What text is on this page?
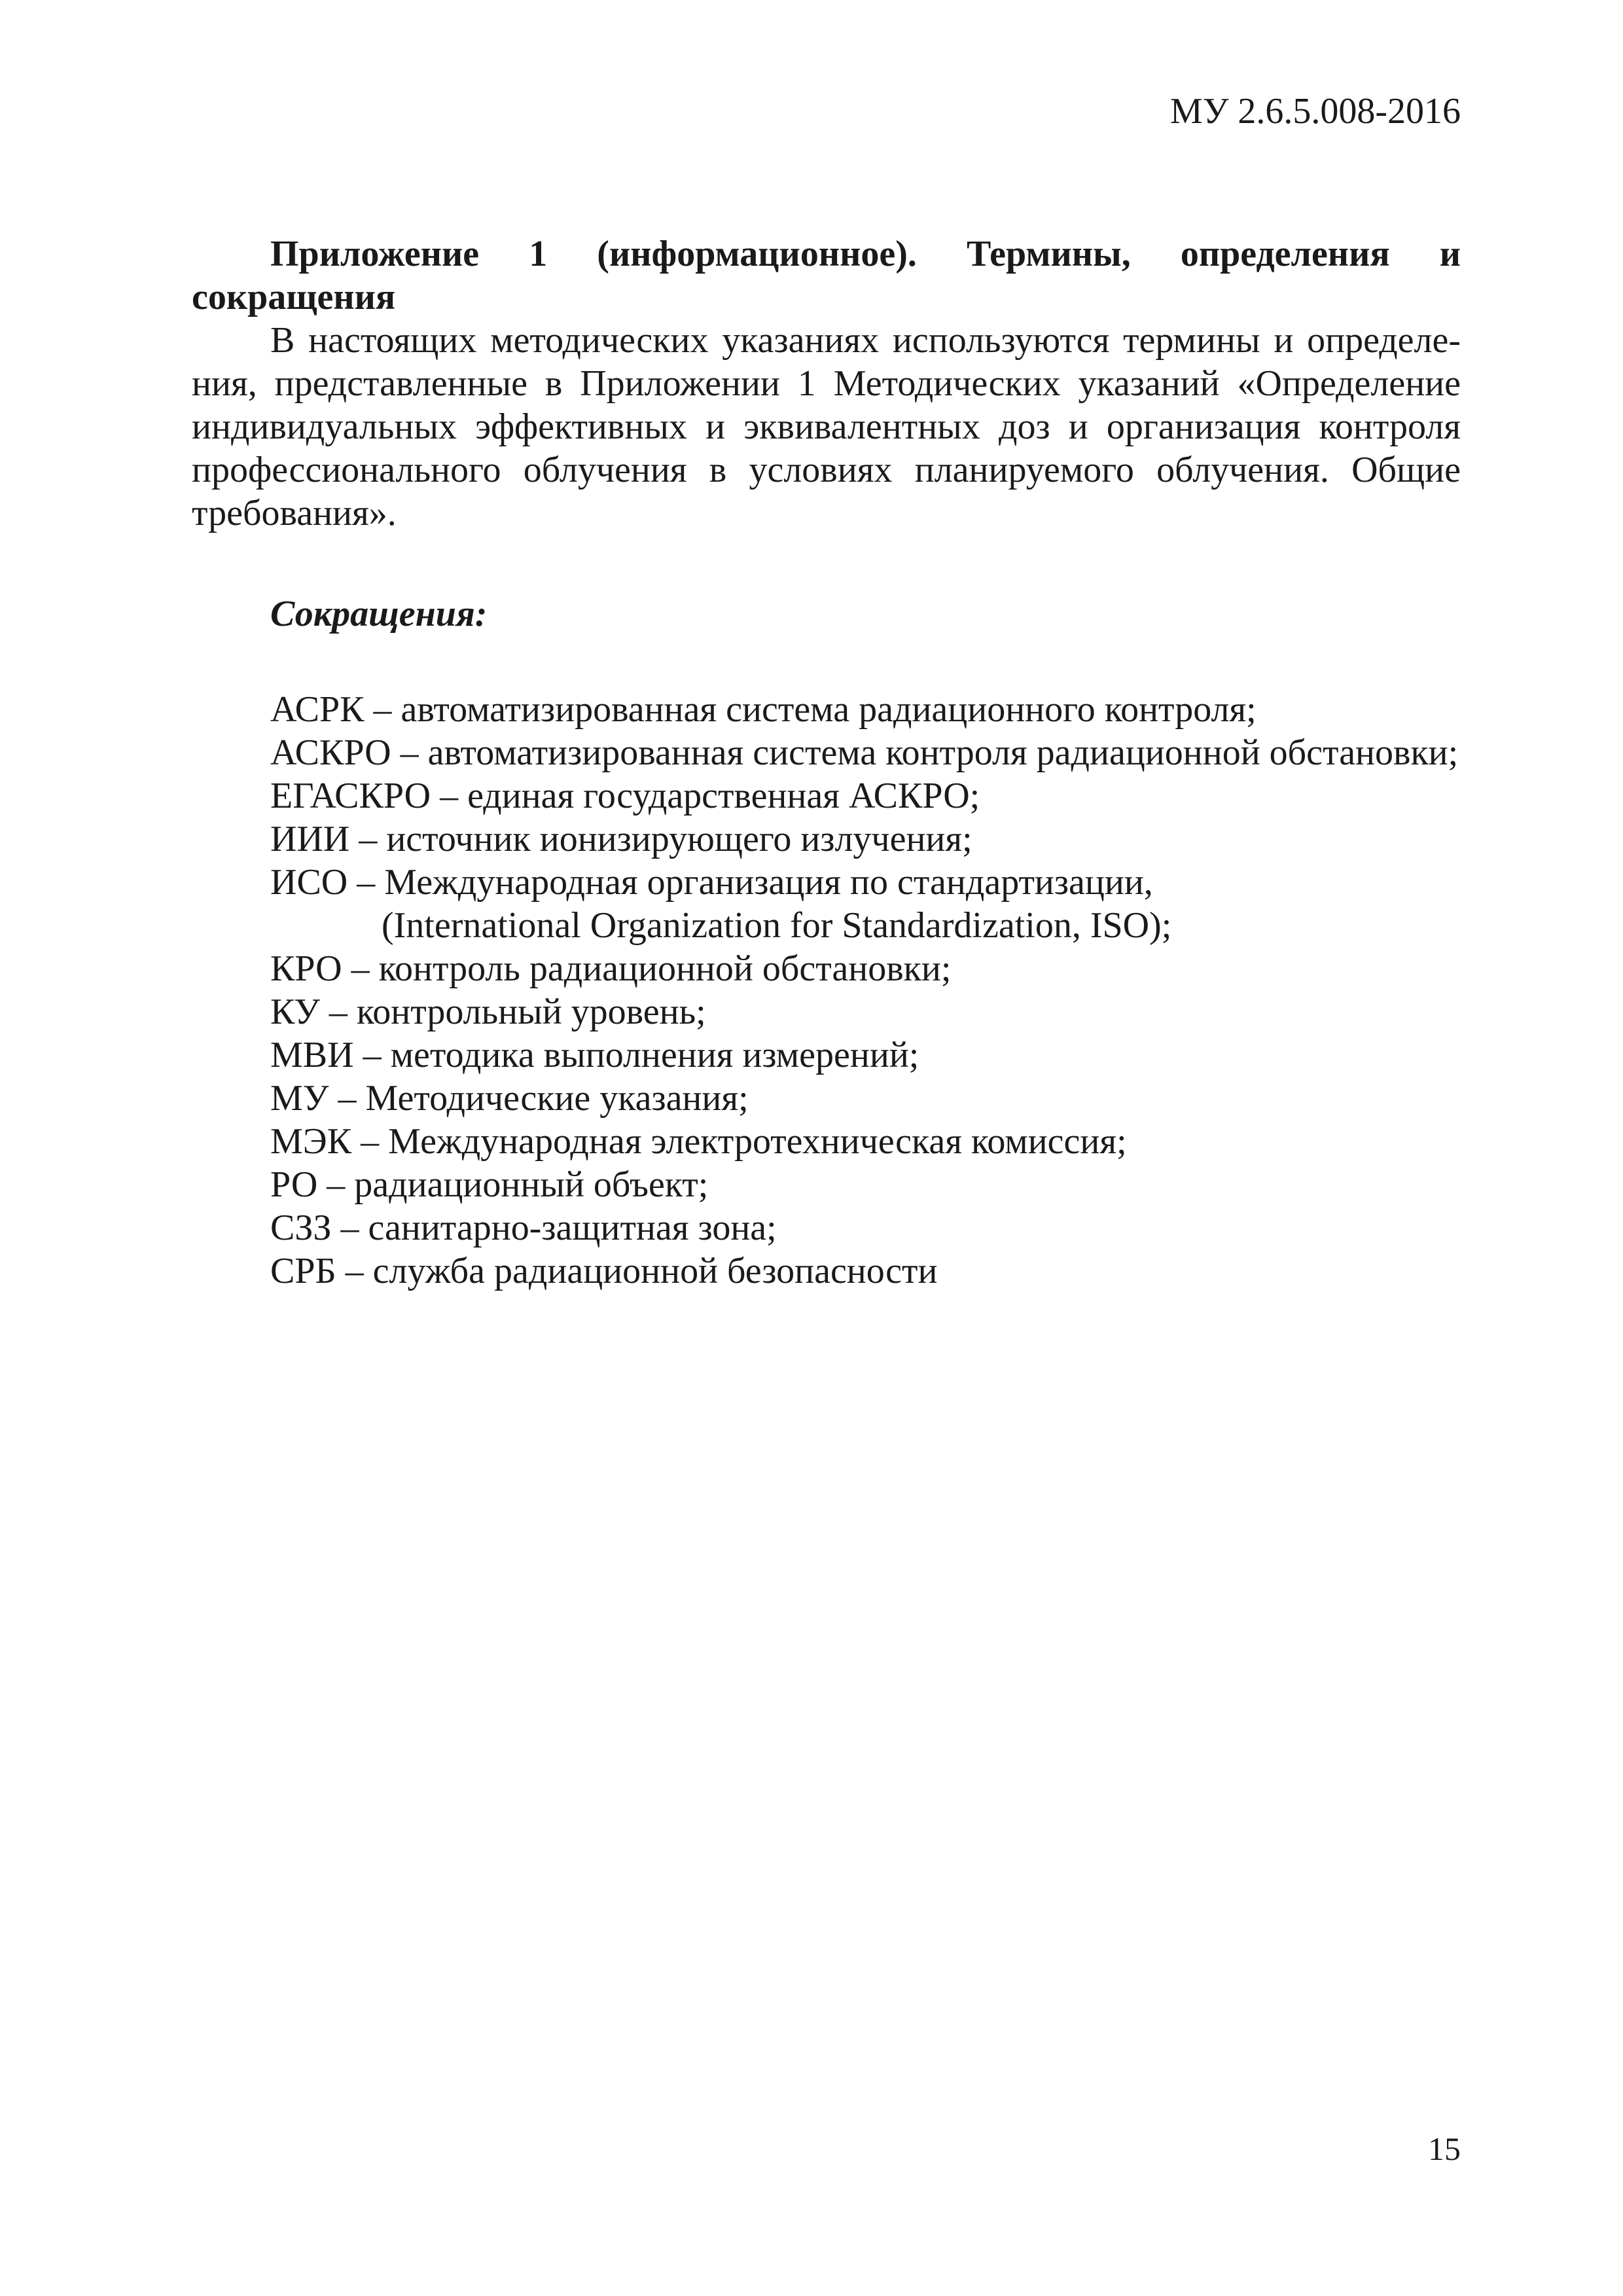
МУ 2.6.5.008-2016

Приложение 1 (информационное). Термины, определения и сокращения

В настоящих методических указаниях используются термины и определения, представленные в Приложении 1 Методических указаний «Определение индивидуальных эффективных и эквивалентных доз и организация контроля профессионального облучения в условиях планируемого облучения. Общие требования».

Сокращения:

АСРК – автоматизированная система радиационного контроля;
АСКРО – автоматизированная система контроля радиационной обстановки;
ЕГАСКРО – единая государственная АСКРО;
ИИИ – источник ионизирующего излучения;
ИСО – Международная организация по стандартизации,
(International Organization for Standardization, ISO);
КРО – контроль радиационной обстановки;
КУ – контрольный уровень;
МВИ – методика выполнения измерений;
МУ – Методические указания;
МЭК – Международная электротехническая комиссия;
РО – радиационный объект;
СЗЗ – санитарно-защитная зона;
СРБ – служба радиационной безопасности
15
